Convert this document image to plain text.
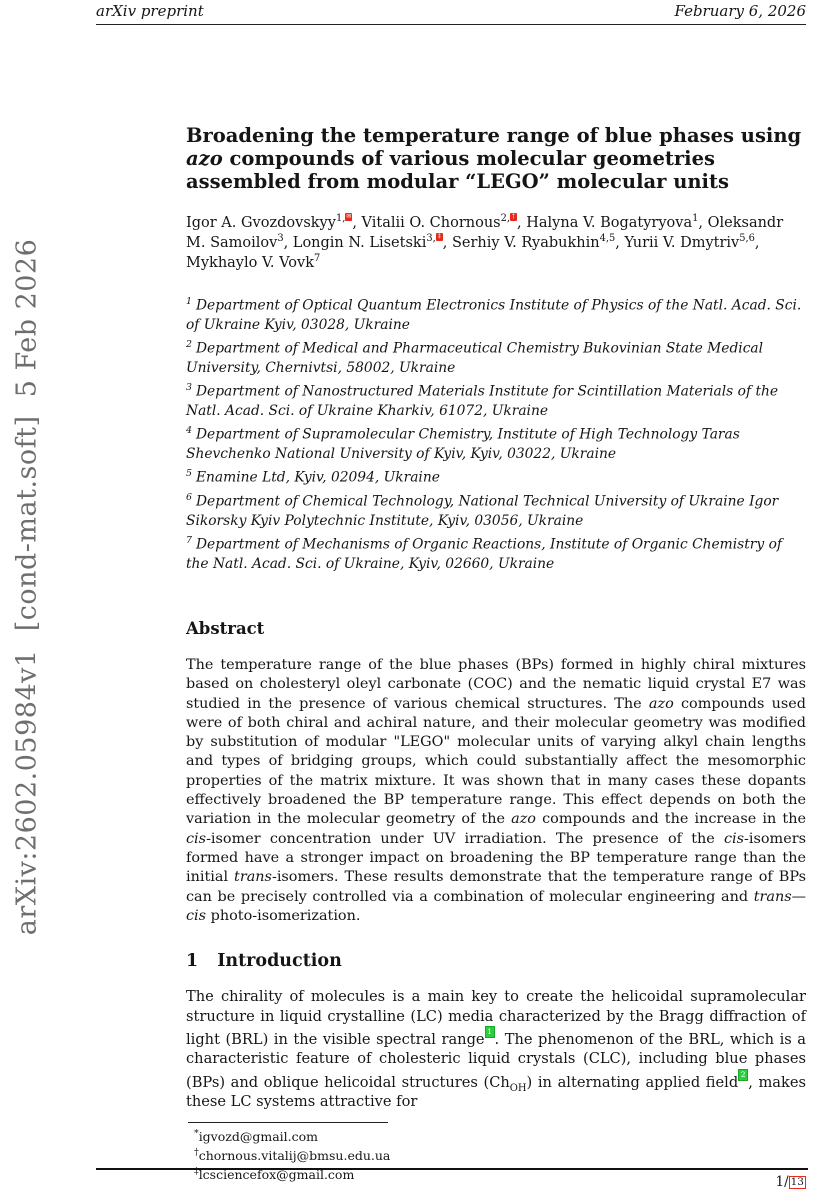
arXiv preprint	February 6, 2026
arXiv:2602.05984v1  [cond-mat.soft]  5 Feb 2026
Broadening the temperature range of blue phases using azo compounds of various molecular geometries assembled from modular “LEGO” molecular units

Igor A. Gvozdovskyy$^{1,}$✉, Vitalii O. Chornous$^{2,}$ † , Halyna V. Bogatyryova$^1$, Oleksandr M. Samoilov$^3$, Longin N. Lisetski$^{3,}$ ‡ , Serhiy V. Ryabukhin$^{4,5}$, Yurii V. Dmytriv$^{5,6}$, Mykhaylo V. Vovk$^7$

$^1$ Department of Optical Quantum Electronics Institute of Physics of the Natl. Acad. Sci. of Ukraine Kyiv, 03028, Ukraine
$^2$ Department of Medical and Pharmaceutical Chemistry Bukovinian State Medical University, Chernivtsi, 58002, Ukraine
$^3$ Department of Nanostructured Materials Institute for Scintillation Materials of the Natl. Acad. Sci. of Ukraine Kharkiv, 61072, Ukraine
$^4$ Department of Supramolecular Chemistry, Institute of High Technology Taras Shevchenko National University of Kyiv, Kyiv, 03022, Ukraine
$^5$ Enamine Ltd, Kyiv, 02094, Ukraine
$^6$ Department of Chemical Technology, National Technical University of Ukraine Igor Sikorsky Kyiv Polytechnic Institute, Kyiv, 03056, Ukraine
$^7$ Department of Mechanisms of Organic Reactions, Institute of Organic Chemistry of the Natl. Acad. Sci. of Ukraine, Kyiv, 02660, Ukraine
Abstract

The temperature range of the blue phases (BPs) formed in highly chiral mixtures based on cholesteryl oleyl carbonate (COC) and the nematic liquid crystal E7 was studied in the presence of various chemical structures. The azo compounds used were of both chiral and achiral nature, and their molecular geometry was modified by substitution of modular "LEGO" molecular units of varying alkyl chain lengths and types of bridging groups, which could substantially affect the mesomorphic properties of the matrix mixture. It was shown that in many cases these dopants effectively broadened the BP temperature range. This effect depends on both the variation in the molecular geometry of the azo compounds and the increase in the cis-isomer concentration under UV irradiation. The presence of the cis-isomers formed have a stronger impact on broadening the BP temperature range than the initial trans-isomers. These results demonstrate that the temperature range of BPs can be precisely controlled via a combination of molecular engineering and trans—cis photo-isomerization.

1 Introduction

The chirality of molecules is a main key to create the helicoidal supramolecular structure in liquid crystalline (LC) media characterized by the Bragg diffraction of light (BRL) in the visible spectral range 1 . The phenomenon of the BRL, which is a characteristic feature of cholesteric liquid crystals (CLC), including blue phases (BPs) and oblique helicoidal structures $(Ch_{OH})$ in alternating applied field 2 , makes these LC systems attractive for

*igvozd@gmail.com
†chornous.vitalij@bmsu.edu.ua
‡lcsciencefox@gmail.com	1/ 13
